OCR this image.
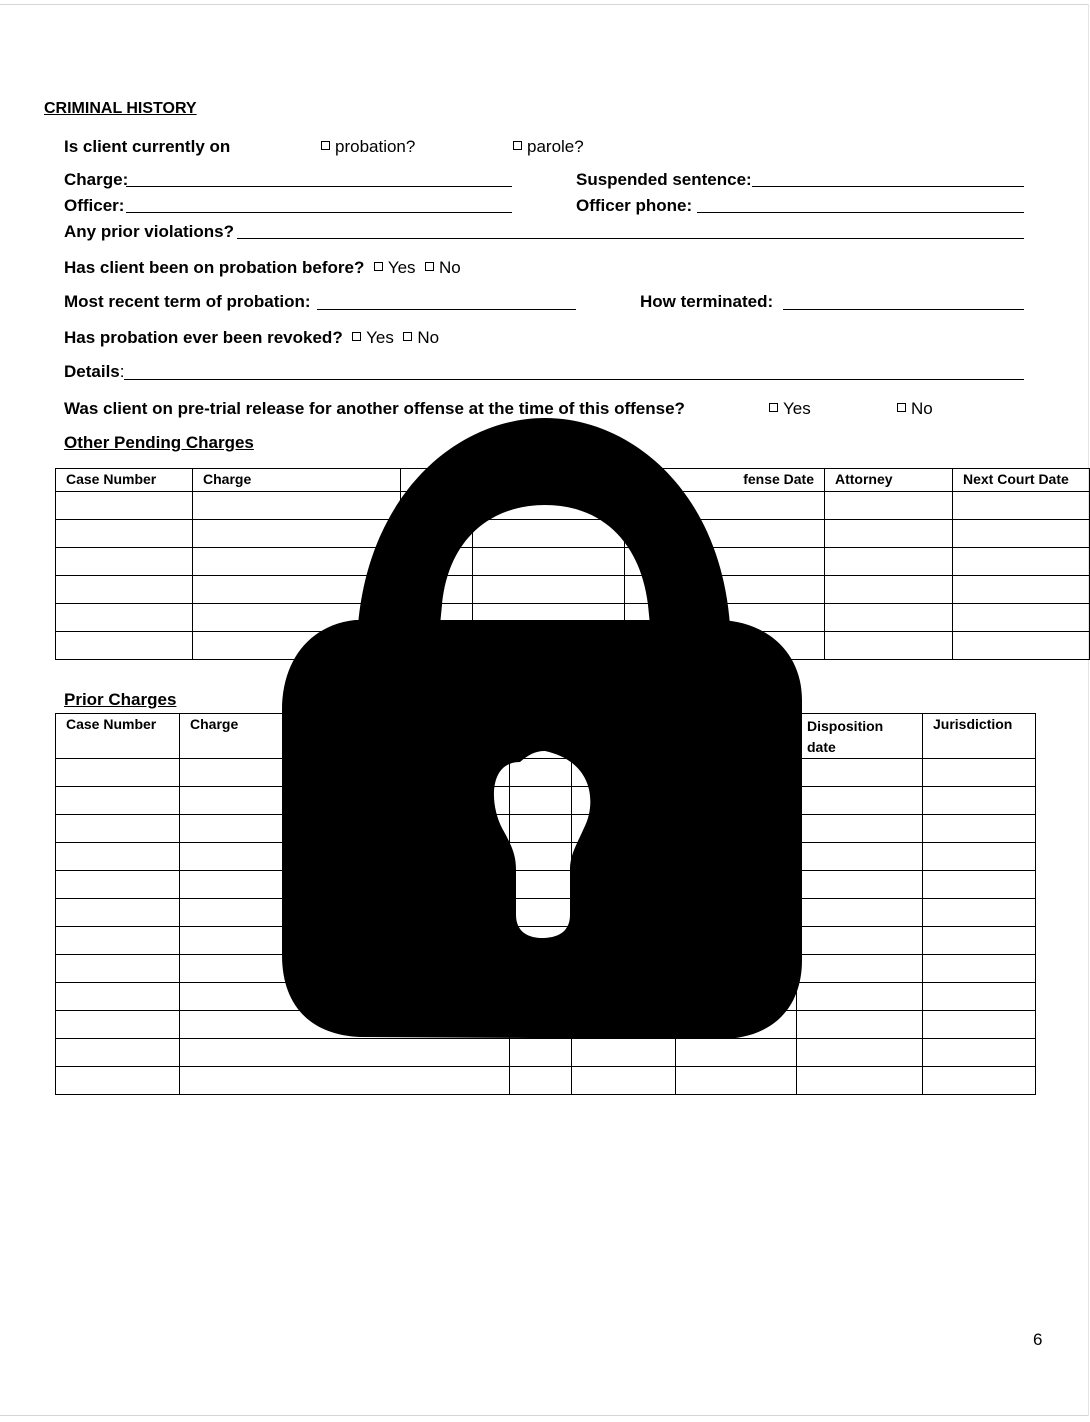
CRIMINAL HISTORY
Is client currently on	probation?	parole?
Charge:	Suspended sentence:
Officer:	Officer phone:
Any prior violations?
Has client been on probation before? Yes No
Most recent term of probation:	How terminated:
Has probation ever been revoked? Yes No
Details:
Was client on pre-trial release for another offense at the time of this offense?	Yes	No
Other Pending Charges
Case Number	Charge			fense Date	Attorney	Next Court Date

Prior Charges
Case Number	Charge				Disposition date	Jurisdiction

6
